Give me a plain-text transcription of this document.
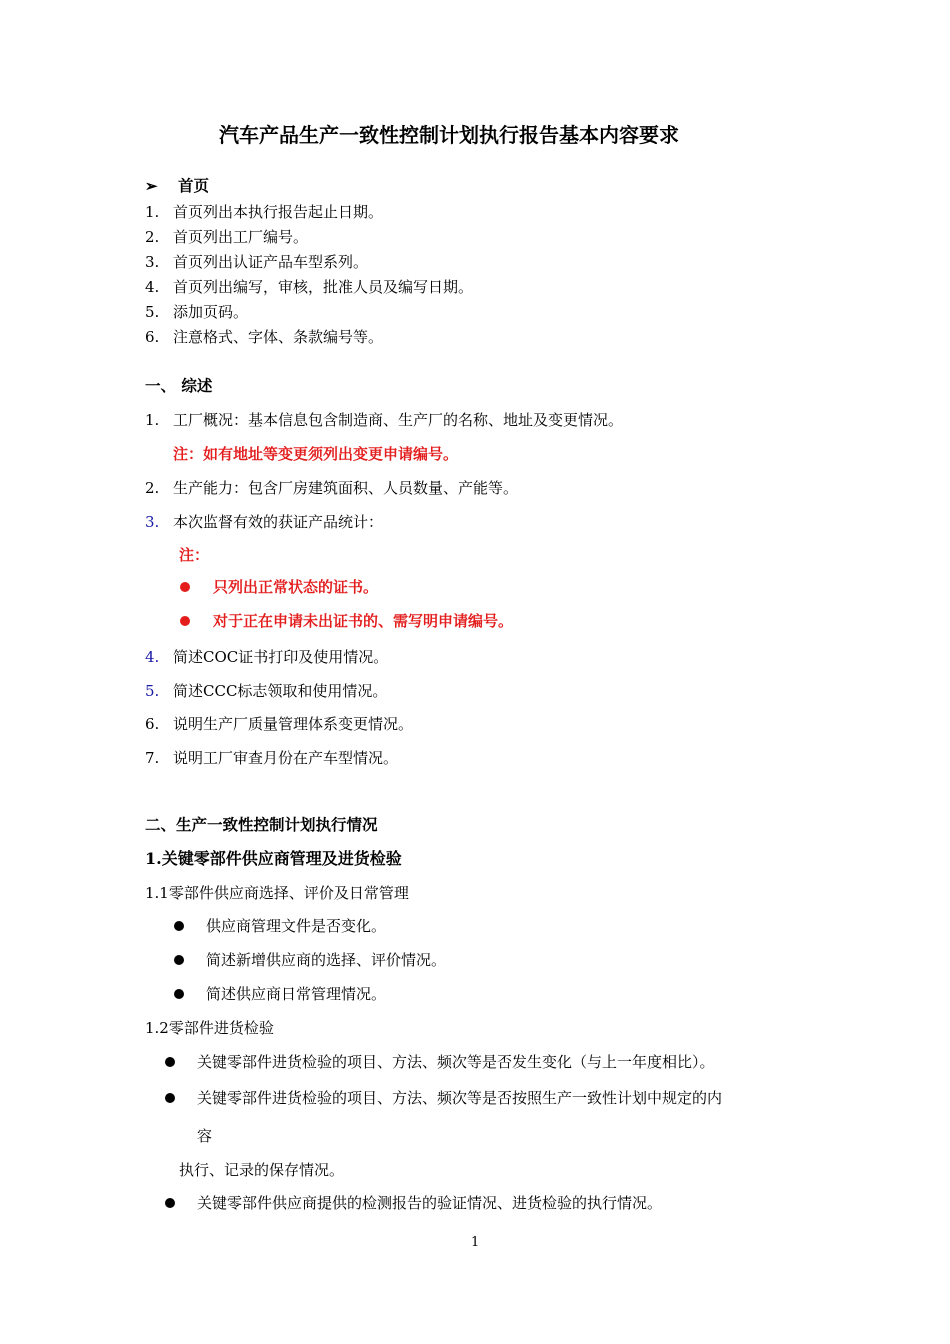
汽车产品生产一致性控制计划执行报告基本内容要求
➢ 首页
1. 首页列出本执行报告起止日期。
2. 首页列出工厂编号。
3. 首页列出认证产品车型系列。
4. 首页列出编写，审核，批准人员及编写日期。
5. 添加页码。
6. 注意格式、字体、条款编号等。
一、 综述
1. 工厂概况：基本信息包含制造商、生产厂的名称、地址及变更情况。
注：如有地址等变更须列出变更申请编号。
2. 生产能力：包含厂房建筑面积、人员数量、产能等。
3. 本次监督有效的获证产品统计：
注：
只列出正常状态的证书。
对于正在申请未出证书的、需写明申请编号。
4. 简述COC证书打印及使用情况。
5. 简述CCC标志领取和使用情况。
6. 说明生产厂质量管理体系变更情况。
7. 说明工厂审查月份在产车型情况。
二、生产一致性控制计划执行情况
1.关键零部件供应商管理及进货检验
1.1零部件供应商选择、评价及日常管理
供应商管理文件是否变化。
简述新增供应商的选择、评价情况。
简述供应商日常管理情况。
1.2零部件进货检验
关键零部件进货检验的项目、方法、频次等是否发生变化（与上一年度相比）。
关键零部件进货检验的项目、方法、频次等是否按照生产一致性计划中规定的内
容
执行、记录的保存情况。
关键零部件供应商提供的检测报告的验证情况、进货检验的执行情况。
1
